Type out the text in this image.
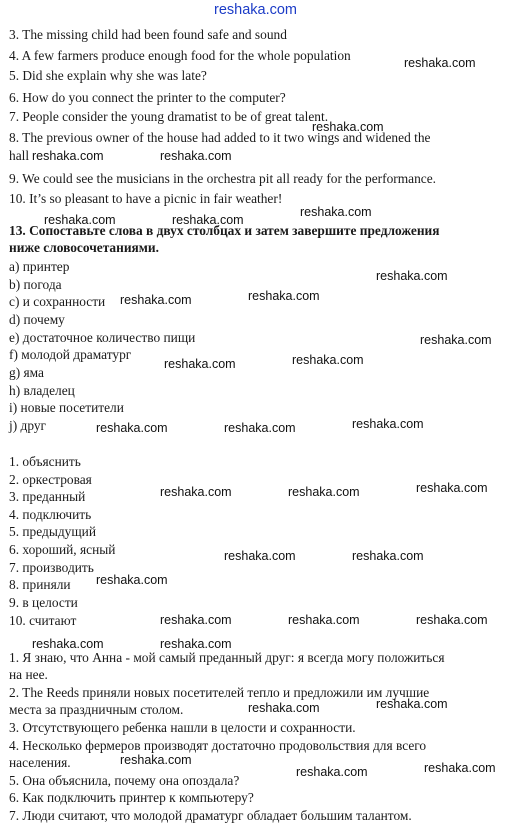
reshaka.com
3. The missing child had been found safe and sound
4. A few farmers produce enough food for the whole population
5. Did she explain why she was late?
6. How do you connect the printer to the computer?
7. People consider the young dramatist to be of great talent.
8. The previous owner of the house had added to it two wings and widened the
hall
9. We could see the musicians in the orchestra pit all ready for the performance.
10. It’s so pleasant to have a picnic in fair weather!
13. Сопоставьте слова в двух столбцах и затем завершите предложения
ниже словосочетаниями.
a) принтер
b) погода
c) и сохранности
d) почему
e) достаточное количество пищи
f) молодой драматург
g) яма
h) владелец
i) новые посетители
j) друг
1. объяснить
2. оркестровая
3. преданный
4. подключить
5. предыдущий
6. хороший, ясный
7. производить
8. приняли
9. в целости
10. считают
1. Я знаю, что Анна - мой самый преданный друг: я всегда могу положиться
на нее.
2. The Reeds приняли новых посетителей тепло и предложили им лучшие
места за праздничным столом.
3. Отсутствующего ребенка нашли в целости и сохранности.
4. Несколько фермеров производят достаточно продовольствия для всего
населения.
5. Она объяснила, почему она опоздала?
6. Как подключить принтер к компьютеру?
7. Люди считают, что молодой драматург обладает большим талантом.
reshaka.com
reshaka.com
reshaka.com	reshaka.com
reshaka.com
reshaka.com	reshaka.com
reshaka.com
reshaka.com
reshaka.com
reshaka.com
reshaka.com
reshaka.com
reshaka.com
reshaka.com	reshaka.com
reshaka.com
reshaka.com	reshaka.com
reshaka.com	reshaka.com
reshaka.com
reshaka.com	reshaka.com	reshaka.com
reshaka.com	reshaka.com
reshaka.com
reshaka.com
reshaka.com
reshaka.com
reshaka.com
